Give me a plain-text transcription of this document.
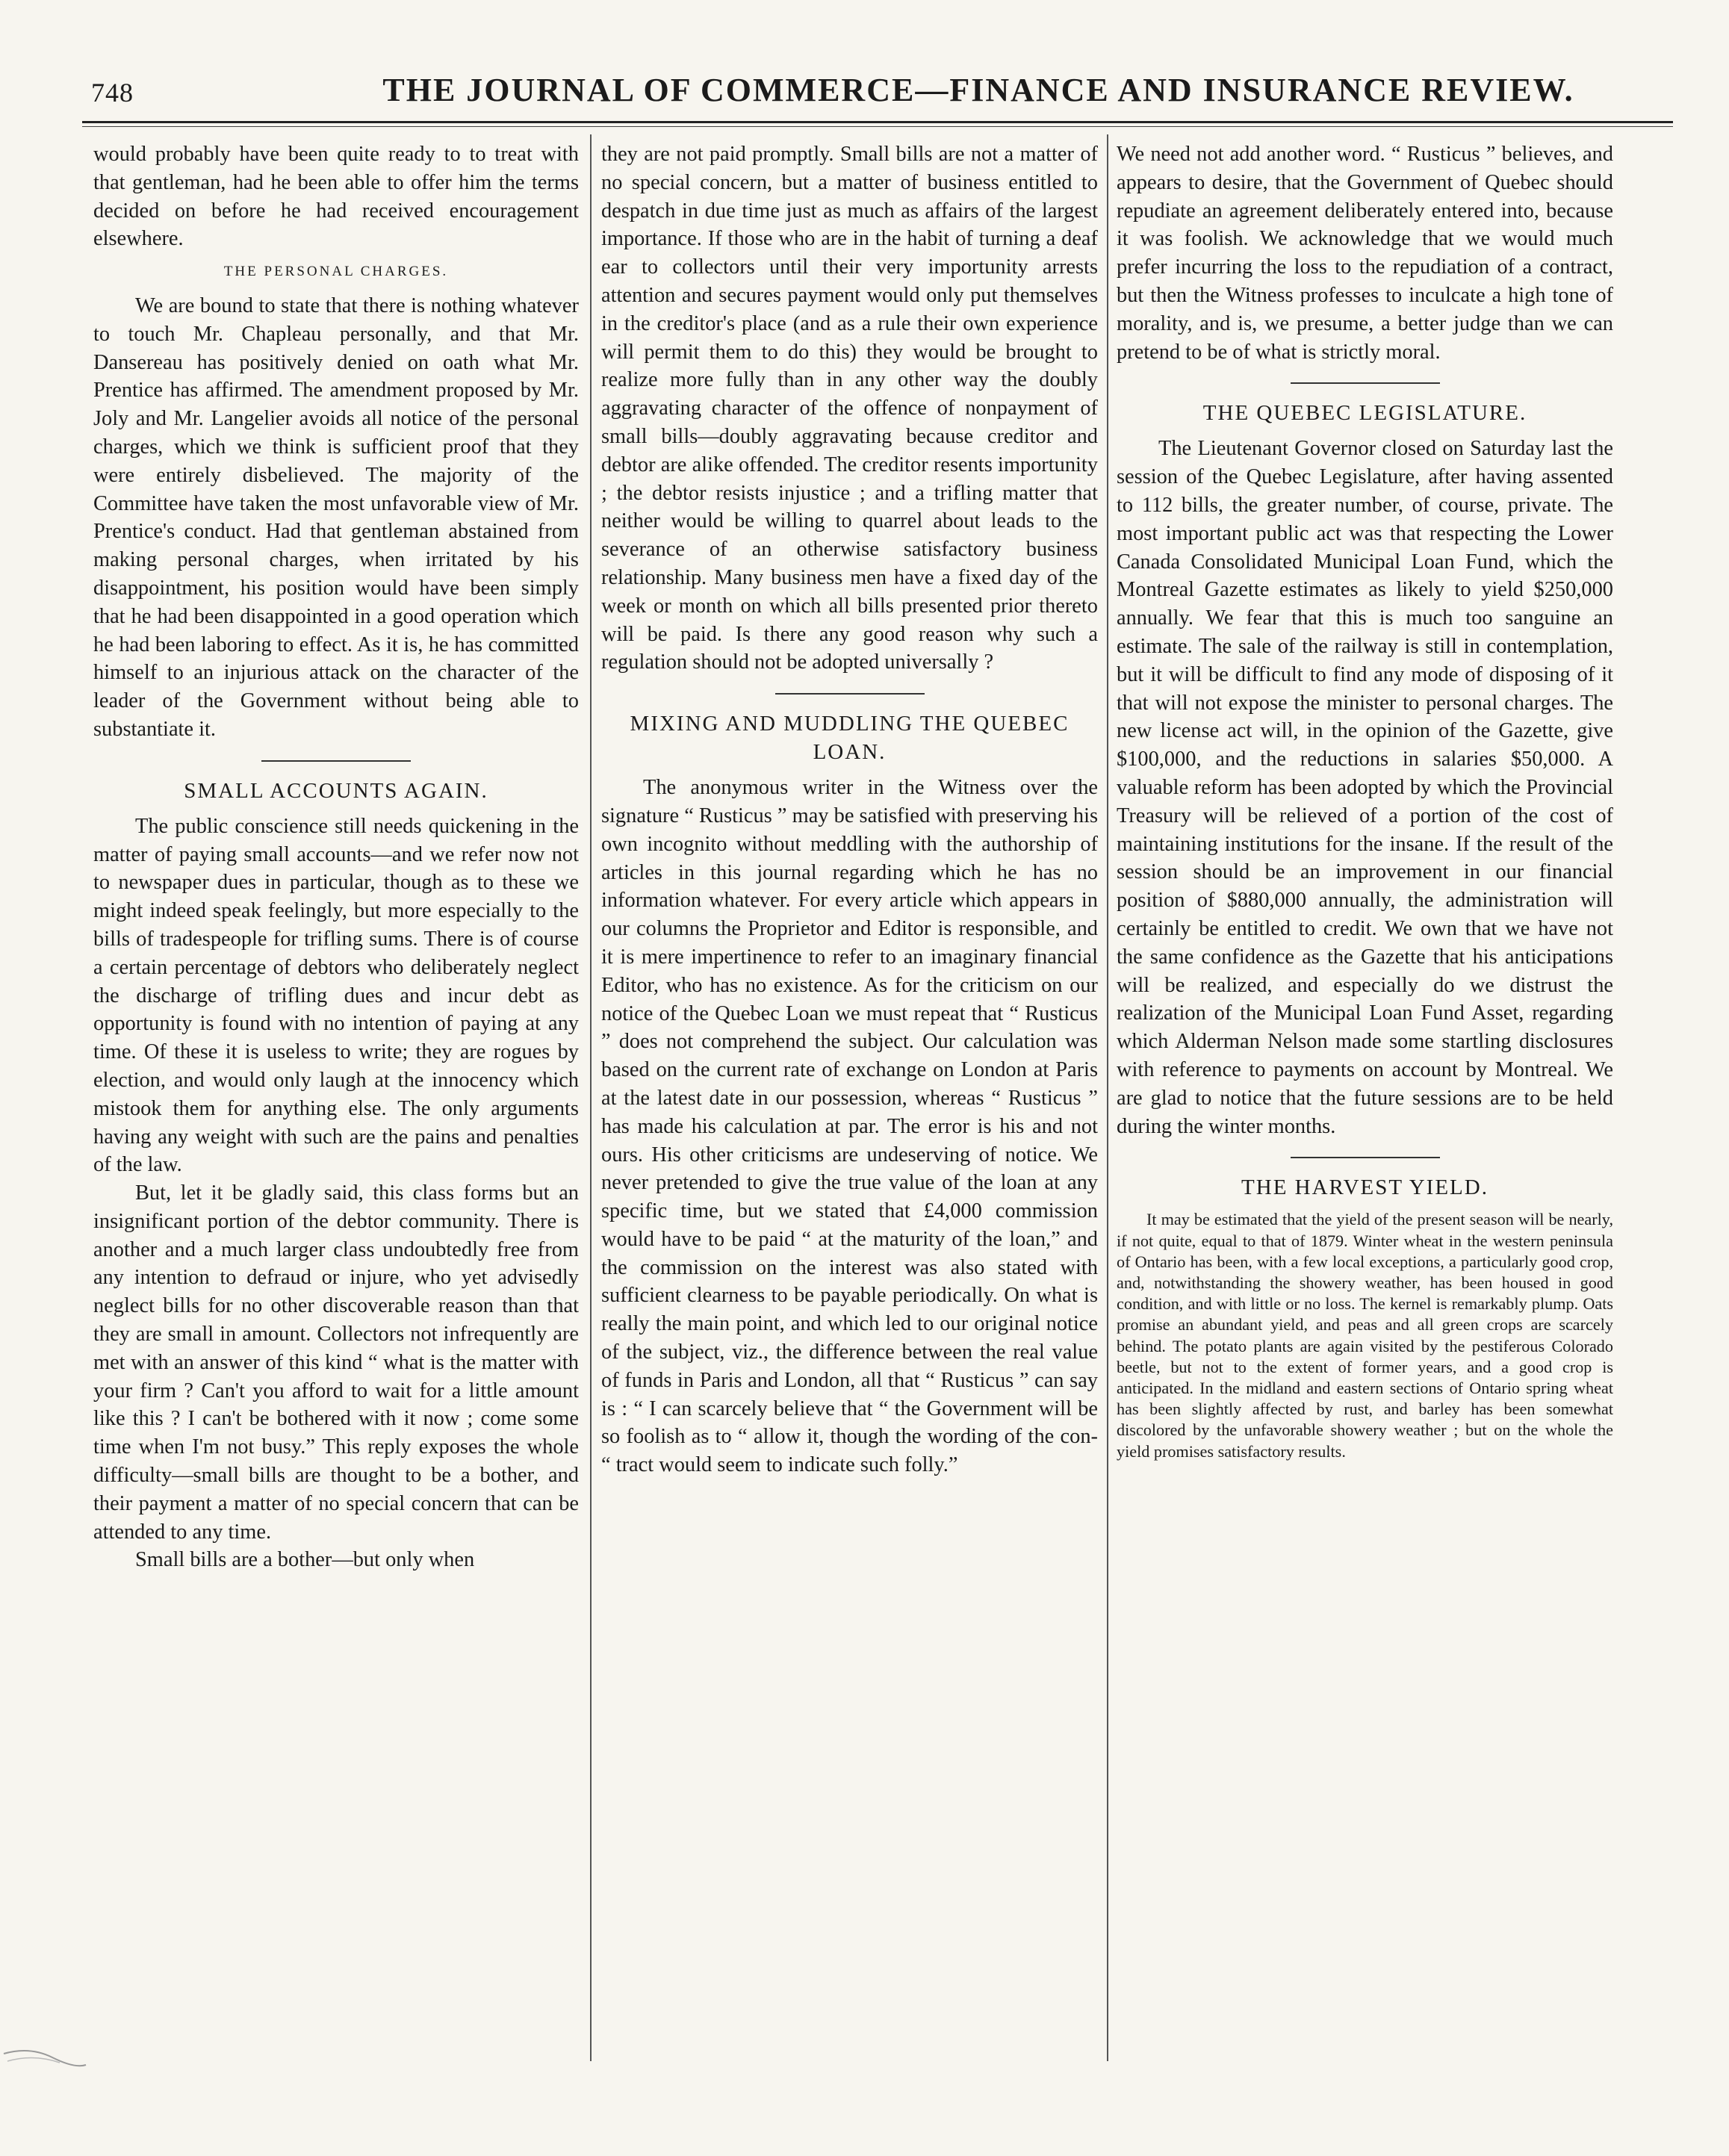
748	THE JOURNAL OF COMMERCE—FINANCE AND INSURANCE REVIEW.

would probably have been quite ready to to treat with that gentleman, had he been able to offer him the terms decided on before he had received encouragement elsewhere.

THE PERSONAL CHARGES.

We are bound to state that there is nothing whatever to touch Mr. Chapleau personally, and that Mr. Dansereau has positively denied on oath what Mr. Prentice has affirmed. The amendment proposed by Mr. Joly and Mr. Langelier avoids all notice of the personal charges, which we think is sufficient proof that they were entirely disbelieved. The majority of the Committee have taken the most unfavorable view of Mr. Prentice's conduct. Had that gentleman abstained from making personal charges, when irritated by his disappointment, his position would have been simply that he had been disappointed in a good operation which he had been laboring to effect. As it is, he has committed himself to an injurious attack on the character of the leader of the Government without being able to substantiate it.

SMALL ACCOUNTS AGAIN.

The public conscience still needs quickening in the matter of paying small accounts—and we refer now not to newspaper dues in particular, though as to these we might indeed speak feelingly, but more especially to the bills of tradespeople for trifling sums. There is of course a certain percentage of debtors who deliberately neglect the discharge of trifling dues and incur debt as opportunity is found with no intention of paying at any time. Of these it is useless to write; they are rogues by election, and would only laugh at the innocency which mistook them for anything else. The only arguments having any weight with such are the pains and penalties of the law.

But, let it be gladly said, this class forms but an insignificant portion of the debtor community. There is another and a much larger class undoubtedly free from any intention to defraud or injure, who yet advisedly neglect bills for no other discoverable reason than that they are small in amount. Collectors not infrequently are met with an answer of this kind “ what is the matter with your firm ? Can't you afford to wait for a little amount like this ? I can't be bothered with it now ; come some time when I'm not busy.” This reply exposes the whole difficulty—small bills are thought to be a bother, and their payment a matter of no special concern that can be attended to any time.

Small bills are a bother—but only when

they are not paid promptly. Small bills are not a matter of no special concern, but a matter of business entitled to despatch in due time just as much as affairs of the largest importance. If those who are in the habit of turning a deaf ear to collectors until their very importunity arrests attention and secures payment would only put themselves in the creditor's place (and as a rule their own experience will permit them to do this) they would be brought to realize more fully than in any other way the doubly aggravating character of the offence of nonpayment of small bills—doubly aggravating because creditor and debtor are alike offended. The creditor resents importunity ; the debtor resists injustice ; and a trifling matter that neither would be willing to quarrel about leads to the severance of an otherwise satisfactory business relationship. Many business men have a fixed day of the week or month on which all bills presented prior thereto will be paid. Is there any good reason why such a regulation should not be adopted universally ?

MIXING AND MUDDLING THE QUEBEC LOAN.

The anonymous writer in the Witness over the signature “ Rusticus ” may be satisfied with preserving his own incognito without meddling with the authorship of articles in this journal regarding which he has no information whatever. For every article which appears in our columns the Proprietor and Editor is responsible, and it is mere impertinence to refer to an imaginary financial Editor, who has no existence. As for the criticism on our notice of the Quebec Loan we must repeat that “ Rusticus ” does not comprehend the subject. Our calculation was based on the current rate of exchange on London at Paris at the latest date in our possession, whereas “ Rusticus ” has made his calculation at par. The error is his and not ours. His other criticisms are undeserving of notice. We never pretended to give the true value of the loan at any specific time, but we stated that £4,000 commission would have to be paid “ at the maturity of the loan,” and the commission on the interest was also stated with sufficient clearness to be payable periodically. On what is really the main point, and which led to our original notice of the subject, viz., the difference between the real value of funds in Paris and London, all that “ Rusticus ” can say is : “ I can scarcely believe that “ the Government will be so foolish as to “ allow it, though the wording of the con- “ tract would seem to indicate such folly.”

We need not add another word. “ Rusticus ” believes, and appears to desire, that the Government of Quebec should repudiate an agreement deliberately entered into, because it was foolish. We acknowledge that we would much prefer incurring the loss to the repudiation of a contract, but then the Witness professes to inculcate a high tone of morality, and is, we presume, a better judge than we can pretend to be of what is strictly moral.

THE QUEBEC LEGISLATURE.

The Lieutenant Governor closed on Saturday last the session of the Quebec Legislature, after having assented to 112 bills, the greater number, of course, private. The most important public act was that respecting the Lower Canada Consolidated Municipal Loan Fund, which the Montreal Gazette estimates as likely to yield $250,000 annually. We fear that this is much too sanguine an estimate. The sale of the railway is still in contemplation, but it will be difficult to find any mode of disposing of it that will not expose the minister to personal charges. The new license act will, in the opinion of the Gazette, give $100,000, and the reductions in salaries $50,000. A valuable reform has been adopted by which the Provincial Treasury will be relieved of a portion of the cost of maintaining institutions for the insane. If the result of the session should be an improvement in our financial position of $880,000 annually, the administration will certainly be entitled to credit. We own that we have not the same confidence as the Gazette that his anticipations will be realized, and especially do we distrust the realization of the Municipal Loan Fund Asset, regarding which Alderman Nelson made some startling disclosures with reference to payments on account by Montreal. We are glad to notice that the future sessions are to be held during the winter months.

THE HARVEST YIELD.

It may be estimated that the yield of the present season will be nearly, if not quite, equal to that of 1879. Winter wheat in the western peninsula of Ontario has been, with a few local exceptions, a particularly good crop, and, notwithstanding the showery weather, has been housed in good condition, and with little or no loss. The kernel is remarkably plump. Oats promise an abundant yield, and peas and all green crops are scarcely behind. The potato plants are again visited by the pestiferous Colorado beetle, but not to the extent of former years, and a good crop is anticipated. In the midland and eastern sections of Ontario spring wheat has been slightly affected by rust, and barley has been somewhat discolored by the unfavorable showery weather ; but on the whole the yield promises satisfactory results.
